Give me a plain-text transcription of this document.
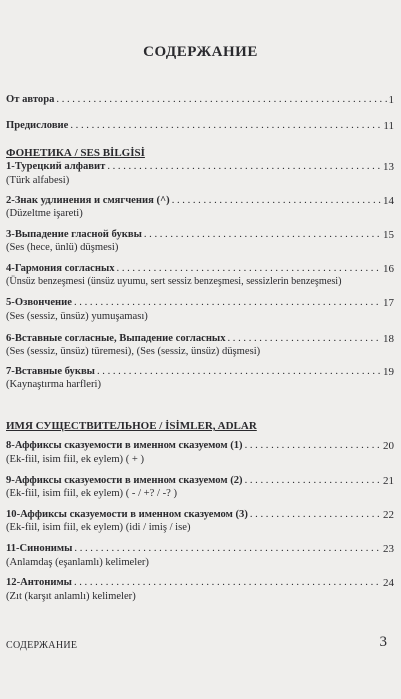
СОДЕРЖАНИЕ
От автора . . .	1
Предисловие . . .	11
ФОНЕТИКА / SES BİLGİSİ
1-Турецкий алфавит . . .	13
(Türk alfabesi)
2-Знак удлинения и смягчения (^) . . .	14
(Düzeltme işareti)
3-Выпадение гласной буквы . . .	15
(Ses (hece, ünlü) düşmesi)
4-Гармония согласных . . .	16
(Ünsüz benzeşmesi (ünsüz uyumu, sert sessiz benzeşmesi, sessizlerin benzeşmesi)
5-Озвончение . . .	17
(Ses (sessiz, ünsüz) yumuşaması)
6-Вставные согласные, Выпадение согласных . . .	18
(Ses (sessiz, ünsüz) türemesi), (Ses (sessiz, ünsüz) düşmesi)
7-Вставные буквы . . .	19
(Kaynaştırma harfleri)
ИМЯ СУЩЕСТВИТЕЛЬНОЕ / İSİMLER, ADLAR
8-Аффиксы сказуемости в именном сказуемом (1) . . .	20
(Ek-fiil, isim fiil, ek eylem) ( + )
9-Аффиксы сказуемости в именном сказуемом (2) . . .	21
(Ek-fiil, isim fiil, ek eylem) ( - / +? / -? )
10-Аффиксы сказуемости в именном сказуемом (3) . . .	22
(Ek-fiil, isim fiil, ek eylem) (idi / imiş / ise)
11-Синонимы . . .	23
(Anlamdaş (eşanlamlı) kelimeler)
12-Антонимы . . .	24
(Zıt (karşıt anlamlı) kelimeler)
СОДЕРЖАНИЕ	3
